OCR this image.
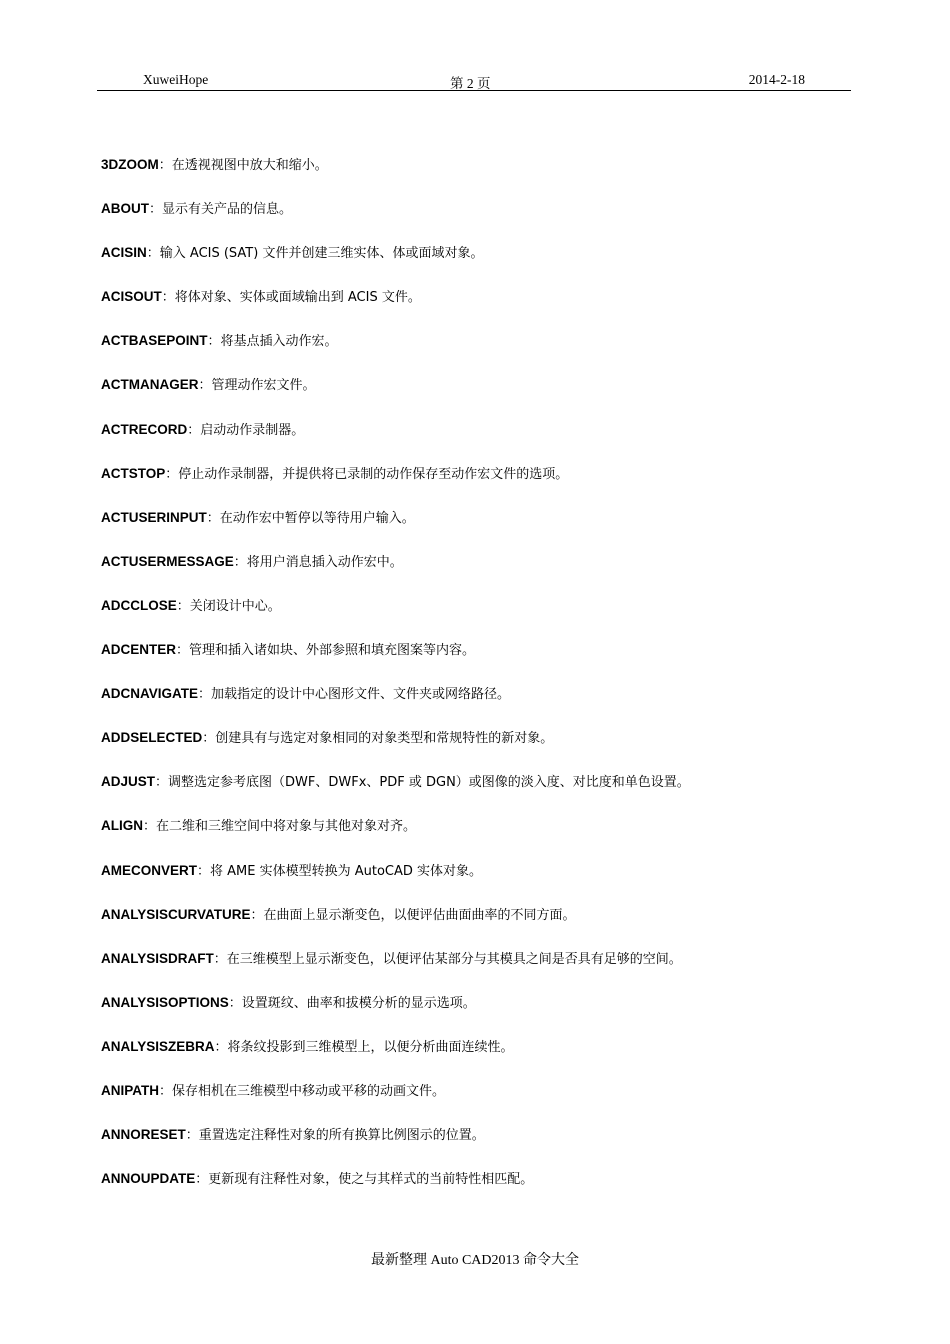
XuweiHope	第 2 页	2014-2-18
3DZOOM：在透视视图中放大和缩小。
ABOUT：显示有关产品的信息。
ACISIN：输入 ACIS (SAT) 文件并创建三维实体、体或面域对象。
ACISOUT：将体对象、实体或面域输出到 ACIS 文件。
ACTBASEPOINT：将基点插入动作宏。
ACTMANAGER：管理动作宏文件。
ACTRECORD：启动动作录制器。
ACTSTOP：停止动作录制器，并提供将已录制的动作保存至动作宏文件的选项。
ACTUSERINPUT：在动作宏中暂停以等待用户输入。
ACTUSERMESSAGE：将用户消息插入动作宏中。
ADCCLOSE：关闭设计中心。
ADCENTER：管理和插入诸如块、外部参照和填充图案等内容。
ADCNAVIGATE：加载指定的设计中心图形文件、文件夹或网络路径。
ADDSELECTED：创建具有与选定对象相同的对象类型和常规特性的新对象。
ADJUST：调整选定参考底图（DWF、DWFx、PDF 或 DGN）或图像的淡入度、对比度和单色设置。
ALIGN：在二维和三维空间中将对象与其他对象对齐。
AMECONVERT：将 AME 实体模型转换为 AutoCAD 实体对象。
ANALYSISCURVATURE：在曲面上显示渐变色，以便评估曲面曲率的不同方面。
ANALYSISDRAFT：在三维模型上显示渐变色，以便评估某部分与其模具之间是否具有足够的空间。
ANALYSISOPTIONS：设置斑纹、曲率和拔模分析的显示选项。
ANALYSISZEBRA：将条纹投影到三维模型上，以便分析曲面连续性。
ANIPATH：保存相机在三维模型中移动或平移的动画文件。
ANNORESET：重置选定注释性对象的所有换算比例图示的位置。
ANNOUPDATE：更新现有注释性对象，使之与其样式的当前特性相匹配。
最新整理 Auto CAD2013 命令大全
